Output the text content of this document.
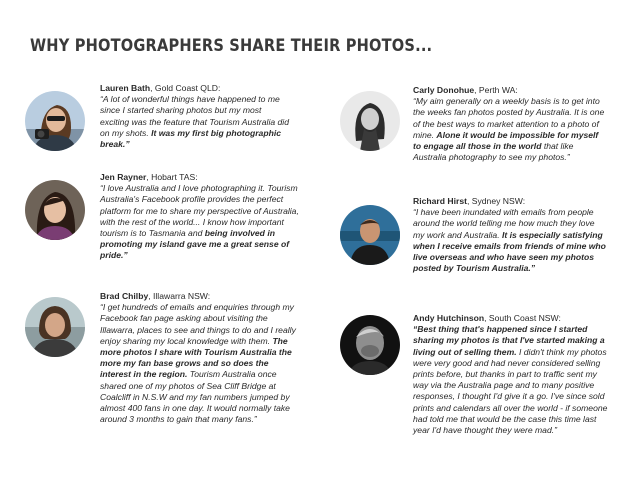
WHY PHOTOGRAPHERS SHARE THEIR PHOTOS...
Lauren Bath, Gold Coast QLD:
“A lot of wonderful things have happened to me since I started sharing photos but my most exciting was the feature that Tourism Australia did on my shots. It was my first big photographic break.”
Jen Rayner, Hobart TAS:
“I love Australia and I love photographing it. Tourism Australia's Facebook profile provides the perfect platform for me to share my perspective of Australia, with the rest of the world... I know how important tourism is to Tasmania and being involved in promoting my island gave me a great sense of pride.”
Brad Chilby, Illawarra NSW:
“I get hundreds of emails and enquiries through my Facebook fan page asking about visiting the Illawarra, places to see and things to do and I really enjoy sharing my local knowledge with them. The more photos I share with Tourism Australia the more my fan base grows and so does the interest in the region. Tourism Australia once shared one of my photos of Sea Cliff Bridge at Coalcliff in N.S.W and my fan numbers jumped by almost 400 fans in one day. It would normally take around 3 months to gain that many fans.”
Carly Donohue, Perth WA:
“My aim generally on a weekly basis is to get into the weeks fan photos posted by Australia. It is one of the best ways to market attention to a photo of mine. Alone it would be impossible for myself to engage all those in the world that like Australia photography to see my photos.”
Richard Hirst, Sydney NSW:
“I have been inundated with emails from people around the world telling me how much they love my work and Australia. It is especially satisfying when I receive emails from friends of mine who live overseas and who have seen my photos posted by Tourism Australia.”
Andy Hutchinson, South Coast NSW:
“Best thing that's happened since I started sharing my photos is that I've started making a living out of selling them. I didn't think my photos were very good and had never considered selling prints before, but thanks in part to traffic sent my way via the Australia page and to many positive responses, I thought I'd give it a go. I've since sold prints and calendars all over the world - if someone had told me that would be the case this time last year I'd have thought they were mad.”
